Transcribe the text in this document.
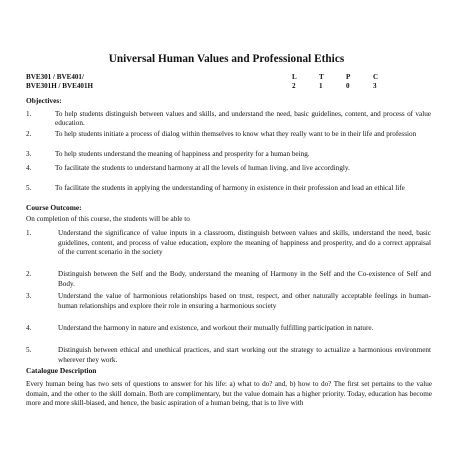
Universal Human Values and Professional Ethics
BVE301 / BVE401/
BVE301H / BVE401H
L	T	P	C
2	1	0	3
Objectives:
1.	To help students distinguish between values and skills, and understand the need, basic guidelines, content, and process of value education.
2.	To help students initiate a process of dialog within themselves to know what they really want to be in their life and profession
3.	To help students understand the meaning of happiness and prosperity for a human being.
4.	To facilitate the students to understand harmony at all the levels of human living, and live accordingly.
5.	To facilitate the students in applying the understanding of harmony in existence in their profession and lead an ethical life
Course Outcome:
On completion of this course, the students will be able to
1.	Understand the significance of value inputs in a classroom, distinguish between values and skills, understand the need, basic guidelines, content, and process of value education, explore the meaning of happiness and prosperity, and do a correct appraisal of the current scenario in the society
2.	Distinguish between the Self and the Body, understand the meaning of Harmony in the Self and the Co-existence of Self and Body.
3.	Understand the value of harmonious relationships based on trust, respect, and other naturally acceptable feelings in human-human relationships and explore their role in ensuring a harmonious society
4.	Understand the harmony in nature and existence, and workout their mutually fulfilling participation in nature.
5.	Distinguish between ethical and unethical practices, and start working out the strategy to actualize a harmonious environment wherever they work.
Catalogue Description
Every human being has two sets of questions to answer for his life: a) what to do? and, b) how to do? The first set pertains to the value domain, and the other to the skill domain. Both are complimentary, but the value domain has a higher priority. Today, education has become more and more skill-biased, and hence, the basic aspiration of a human being, that is to live with
